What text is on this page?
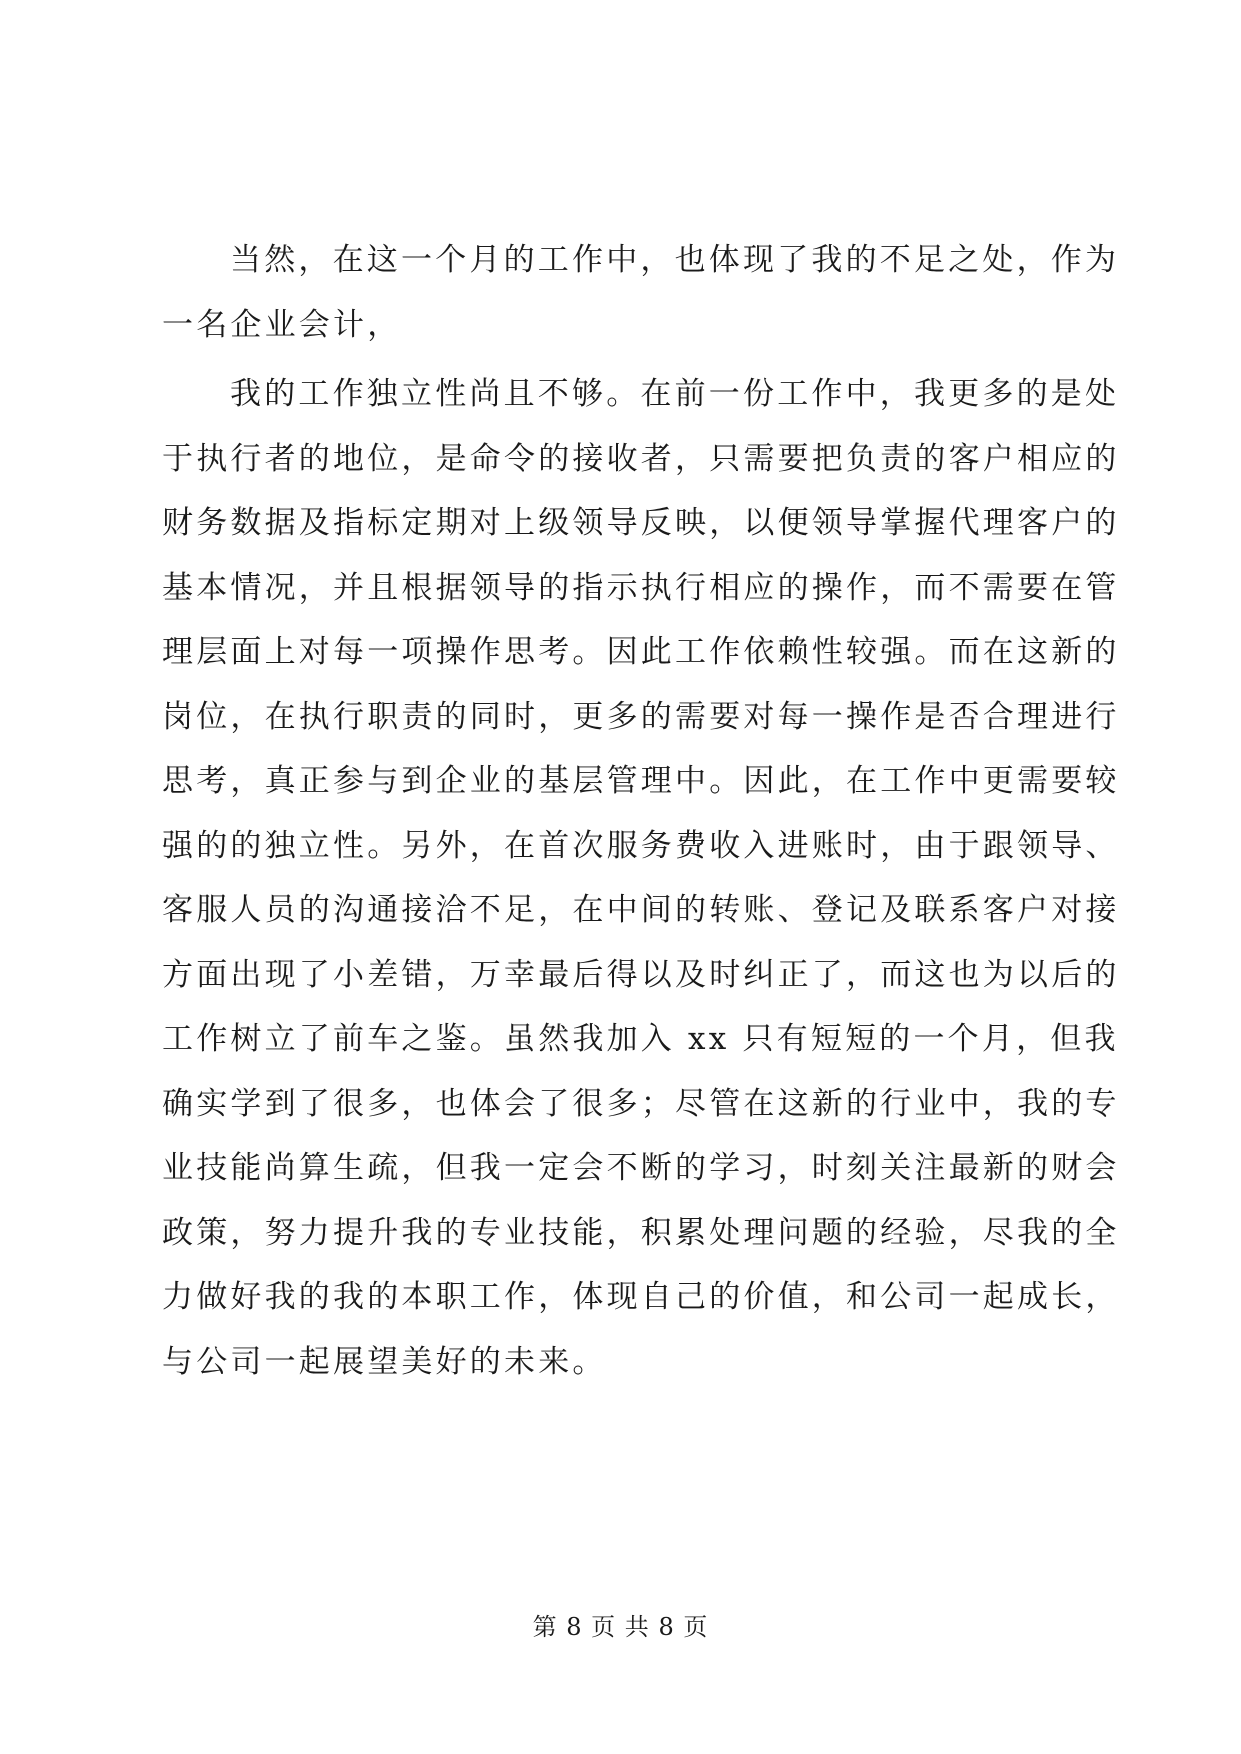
当然，在这一个月的工作中，也体现了我的不足之处，作为
一名企业会计，
我的工作独立性尚且不够。在前一份工作中，我更多的是处
于执行者的地位，是命令的接收者，只需要把负责的客户相应的
财务数据及指标定期对上级领导反映，以便领导掌握代理客户的
基本情况，并且根据领导的指示执行相应的操作，而不需要在管
理层面上对每一项操作思考。因此工作依赖性较强。而在这新的
岗位，在执行职责的同时，更多的需要对每一操作是否合理进行
思考，真正参与到企业的基层管理中。因此，在工作中更需要较
强的的独立性。另外，在首次服务费收入进账时，由于跟领导、
客服人员的沟通接洽不足，在中间的转账、登记及联系客户对接
方面出现了小差错，万幸最后得以及时纠正了，而这也为以后的
工作树立了前车之鉴。虽然我加入 xx 只有短短的一个月，但我
确实学到了很多，也体会了很多；尽管在这新的行业中，我的专
业技能尚算生疏，但我一定会不断的学习，时刻关注最新的财会
政策，努力提升我的专业技能，积累处理问题的经验，尽我的全
力做好我的我的本职工作，体现自己的价值，和公司一起成长，
与公司一起展望美好的未来。
第 8 页 共 8 页
